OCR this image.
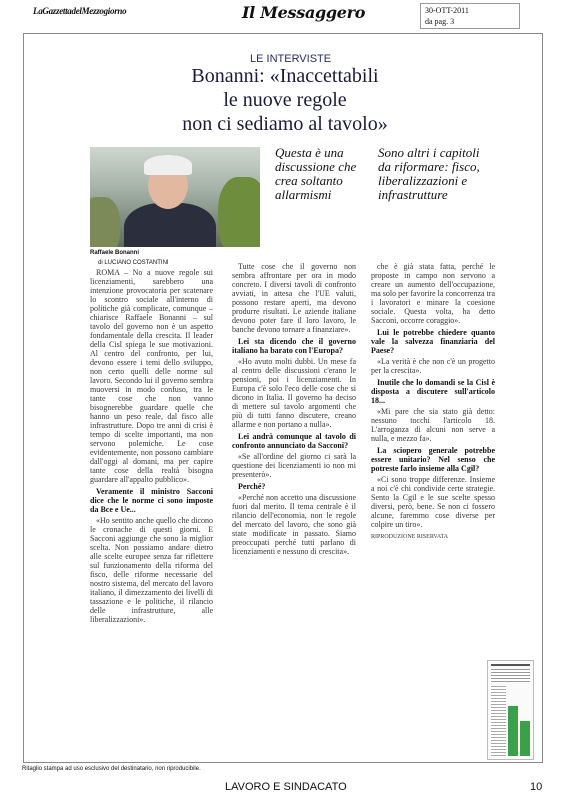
LaGazzettadelMezzogiorno	Il Messaggero	30-OTT-2011
da pag. 3
LE INTERVISTE
Bonanni: «Inaccettabili
le nuove regole
non ci sediamo al tavolo»
Raffaele Bonanni
Questa è una discussione che crea soltanto allarmismi
Sono altri i capitoli da riformare: fisco, liberalizzazioni e infrastrutture
di LUCIANO COSTANTINI

ROMA – No a nuove regole sui licenziamenti, sarebbero una intenzione provocatoria per scatenare lo scontro sociale all'interno di politiche già complicate, comunque – chiarisce Raffaele Bonanni – sul tavolo del governo non è un aspetto fondamentale della crescita. Il leader della Cisl spiega le sue motivazioni. Al centro del confronto, per lui, devono essere i temi dello sviluppo, non certo quelli delle norme sul lavoro. Secondo lui il governo sembra muoversi in modo confuso, tra le tante cose che non vanno bisognerebbe guardare quelle che hanno un peso reale, dal fisco alle infrastrutture. Dopo tre anni di crisi è tempo di scelte importanti, ma non servono polemiche. Le cose evidentemente, non possono cambiare dall'oggi al domani, ma per capire tante cose della realtà bisogna guardare all'appalto pubblico».

Veramente il ministro Sacconi dice che le norme ci sono imposte da Bce e Ue...

«Ho sentito anche quello che dicono le cronache di questi giorni. E Sacconi aggiunge che sono la miglior scelta. Non possiamo andare dietro alle scelte europee senza far riflettere sul funzionamento della riforma del fisco, delle riforme necessarie del nostro sistema, del mercato del lavoro italiano, il dimezzamento dei livelli di tassazione e le politiche, il rilancio delle infrastrutture, alle liberalizzazioni».

Tutte cose che il governo non sembra affrontare per ora in modo concreto. I diversi tavoli di confronto avviati, in attesa che l'UE valuti, possono restare aperti, ma devono produrre risultati. Le aziende italiane devono poter fare il loro lavoro, le banche devono tornare a finanziare».

Lei sta dicendo che il governo italiano ha barato con l'Europa?

«Ho avuto molti dubbi. Un mese fa al centro delle discussioni c'erano le pensioni, poi i licenziamenti. In Europa c'è solo l'eco delle cose che si dicono in Italia. Il governo ha deciso di mettere sul tavolo argomenti che più di tutti fanno discutere, creano allarme e non portano a nulla».

Lei andrà comunque al tavolo di confronto annunciato da Sacconi?

«Se all'ordine del giorno ci sarà la questione dei licenziamenti io non mi presenterò».

Perché?

«Perché non accetto una discussione fuori dal merito. Il tema centrale è il rilancio dell'economia, non le regole del mercato del lavoro, che sono già state modificate in passato. Siamo preoccupati perché tutti parlano di licenziamenti e nessuno di crescita».

che è già stata fatta, perché le proposte in campo non servono a creare un aumento dell'occupazione, ma solo per favorire la concorrenza tra i lavoratori e minare la coesione sociale. Questa volta, ha detto Sacconi, occorre coraggio».

Lui le potrebbe chiedere quanto vale la salvezza finanziaria del Paese?

«La verità è che non c'è un progetto per la crescita».

Inutile che lo domandi se la Cisl è disposta a discutere sull'articolo 18...

«Mi pare che sia stato già detto: nessuno tocchi l'articolo 18. L'arroganza di alcuni non serve a nulla, e mezzo fa».

La sciopero generale potrebbe essere unitario? Nel senso che potreste farlo insieme alla Cgil?

«Ci sono troppe differenze. Insieme a noi c'è chi condivide certe strategie. Sento la Cgil e le sue scelte spesso diversi, però, bene. Se non ci fossero alcune, faremmo cose diverse per colpire un tiro».

RIPRODUZIONE RISERVATA

Ritaglio stampa ad uso esclusivo del destinatario, non riproducibile.
LAVORO E SINDACATO	10
